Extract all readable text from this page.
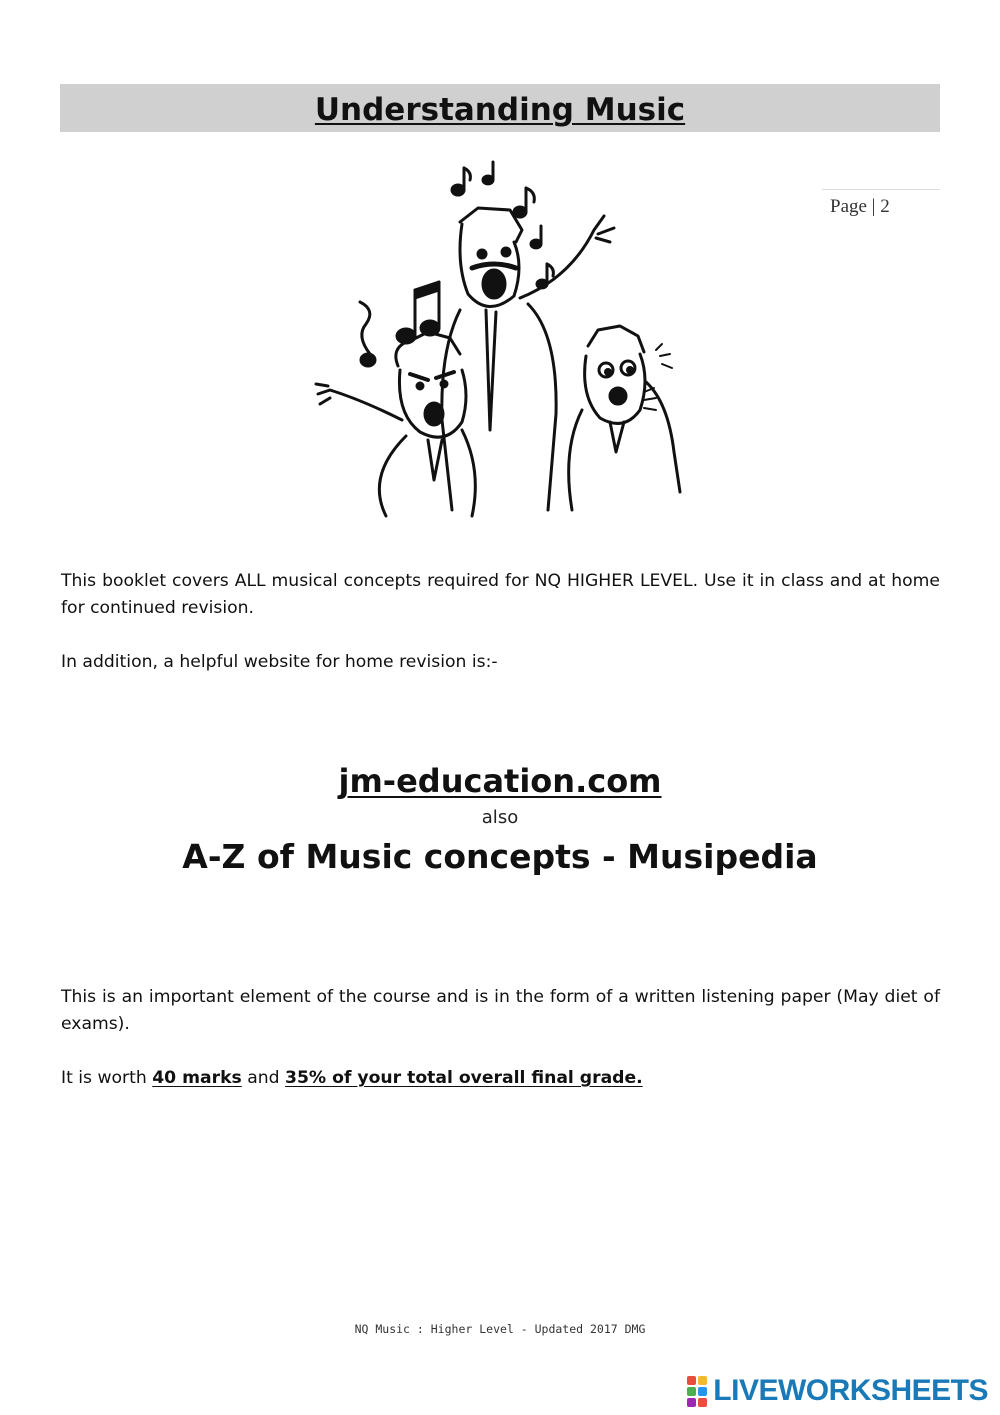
Understanding Music
Page | 2

This booklet covers ALL musical concepts required for NQ HIGHER LEVEL. Use it in class and at home for continued revision.

In addition, a helpful website for home revision is:-

jm-education.com
also
A-Z of Music concepts - Musipedia

This is an important element of the course and is in the form of a written listening paper (May diet of exams).

It is worth 40 marks and 35% of your total overall final grade.

NQ Music : Higher Level - Updated 2017 DMG
LIVEWORKSHEETS
